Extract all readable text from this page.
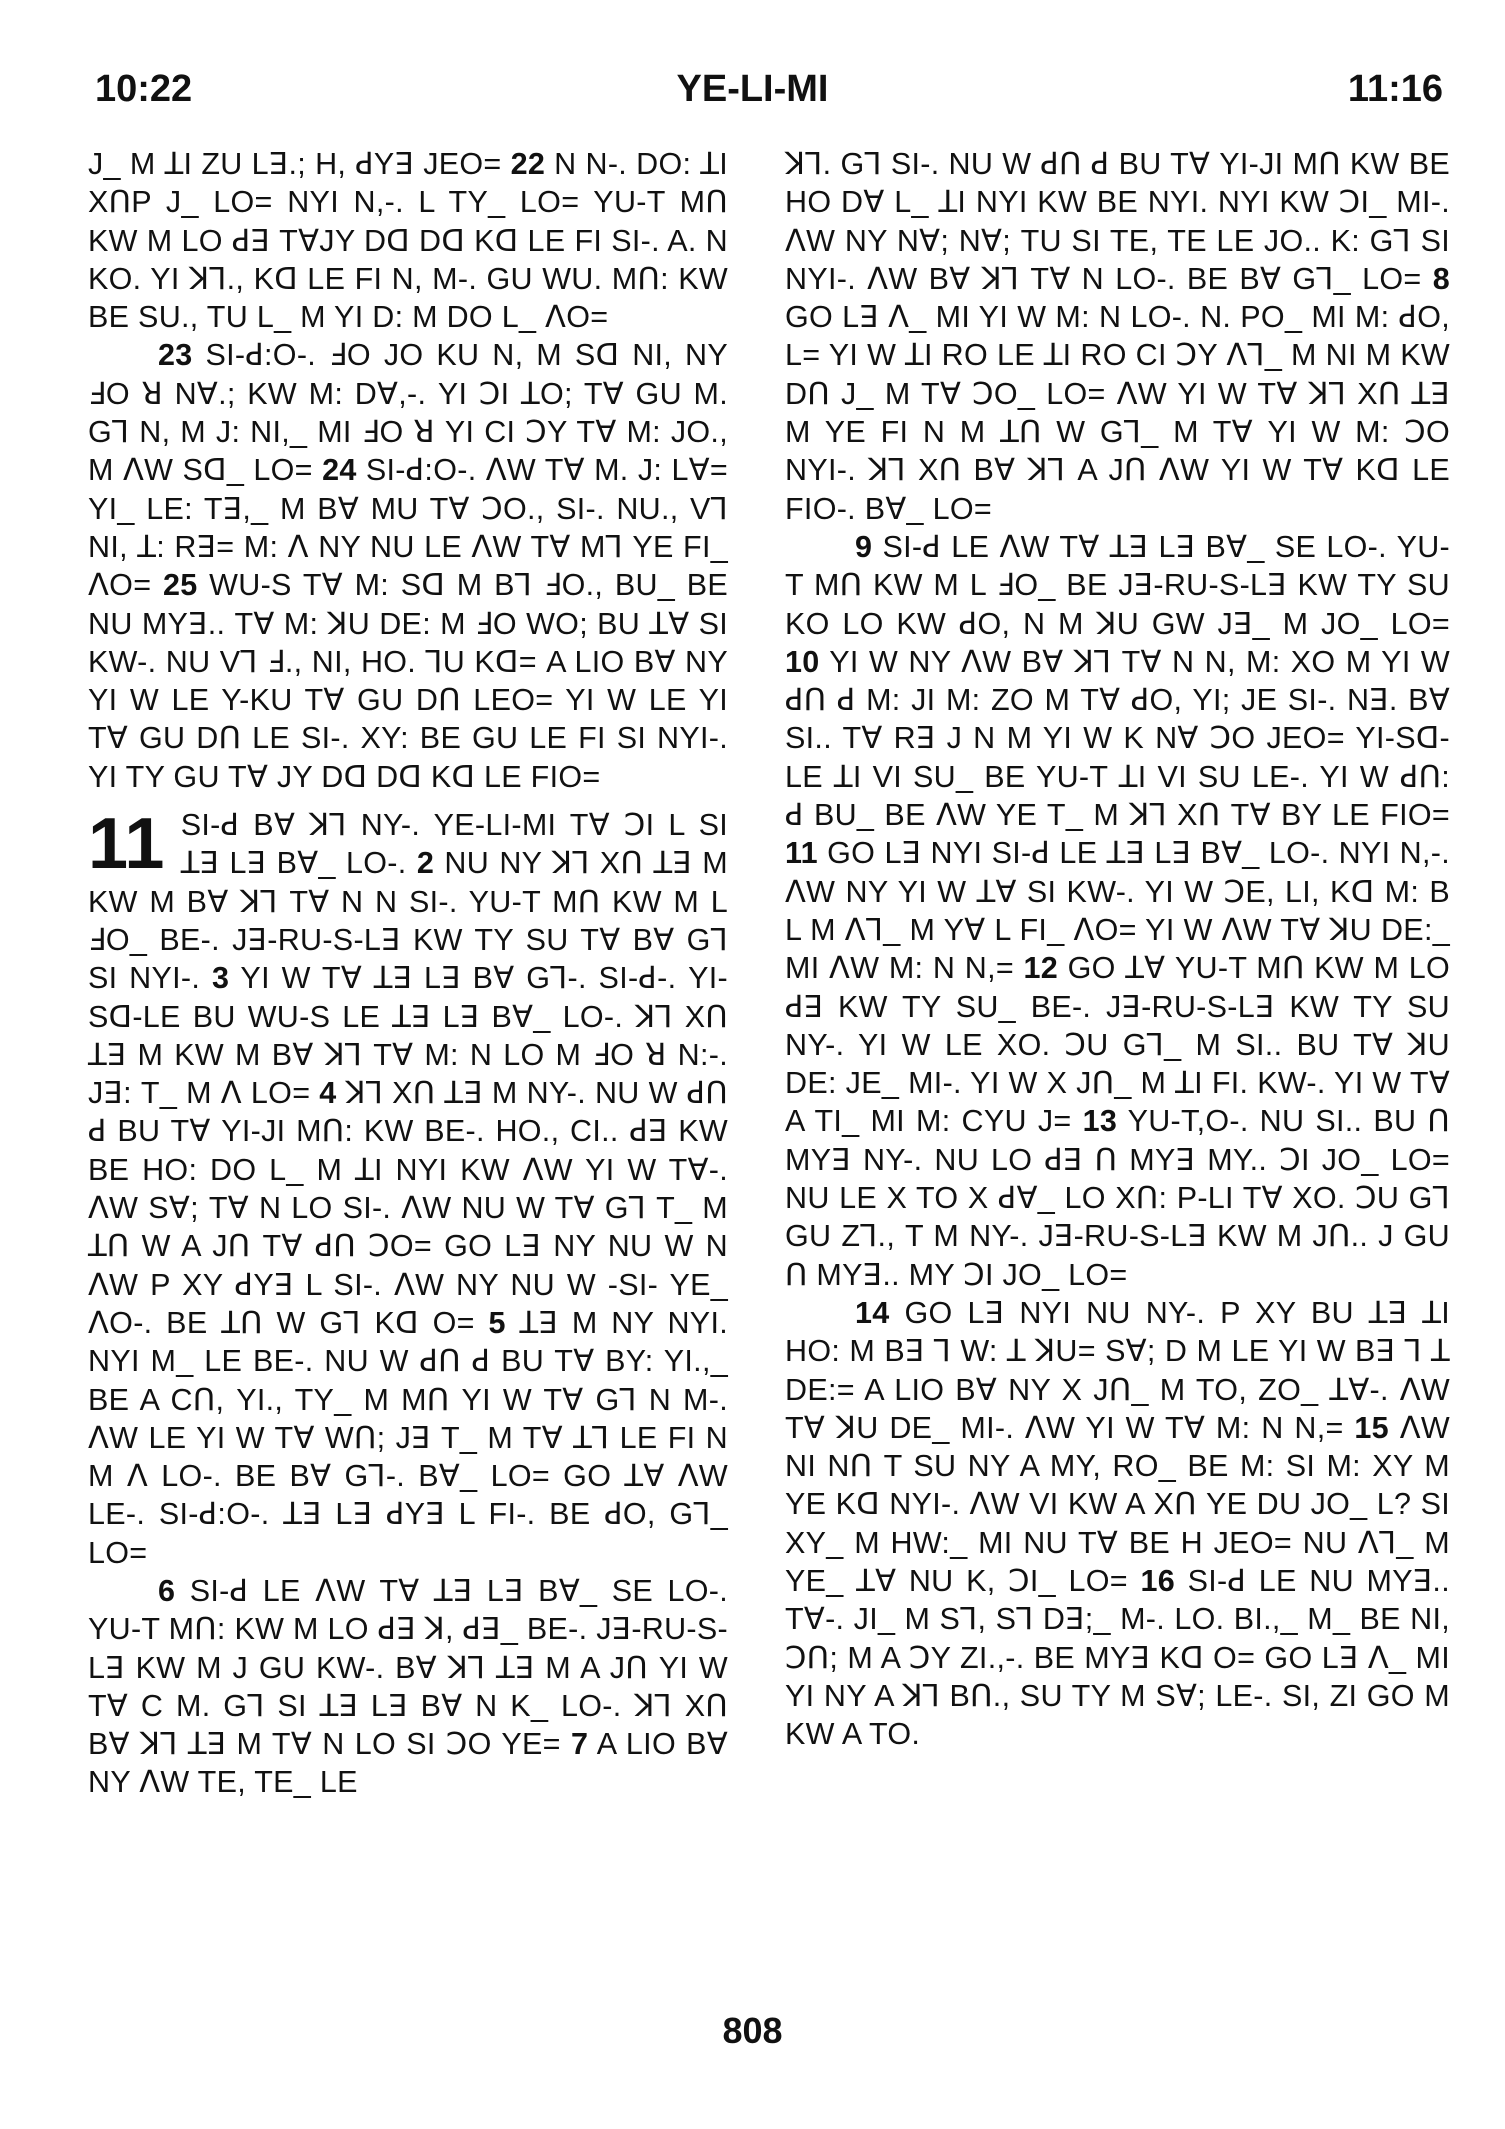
10:22	YE-LI-MI	11:16

J_ M ꓕI ZU Lꓱ.; H, ꓒYꓱ JEO= 22 N N-. DO: ꓕI XꓵP J_ LO= NYI N,-. L TY_ LO= YU-T Mꓵ KW M LO ꓒꓱ TꓯJY Dꓷ Dꓷ Kꓷ LE FI SI-. A. N KO. YI ꓘꓶ., Kꓷ LE FI N, M-. GU WU. Mꓵ: KW BE SU., TU L_ M YI D: M DO L_ ꓥO=

23 SI-ꓒ:O-. ꓞO JO KU N, M Sꓷ NI, NY ꓞO ꓤ Nꓯ.; KW M: Dꓯ,-. YI ꓛI ꓕO; Tꓯ GU M. Gꓶ N, M J: NI,_ MI ꓞO ꓤ YI CI ꓛY Tꓯ M: JO., M ꓥW Sꓷ_ LO= 24 SI-ꓒ:O-. ꓥW Tꓯ M. J: Lꓯ= YI_ LE: Tꓱ,_ M Bꓯ MU Tꓯ ꓛO., SI-. NU., Vꓶ NI, ꓕ: Rꓱ= M: ꓥ NY NU LE ꓥW Tꓯ Mꓶ YE FI_ ꓥO= 25 WU-S Tꓯ M: Sꓷ M Bꓶ ꓞO., BU_ BE NU MYꓱ.. Tꓯ M: ꓘU DE: M ꓞO WO; BU ꓕꓯ SI KW-. NU Vꓶ ꓞ., NI, HO. ꓶU Kꓷ= A LIO Bꓯ NY YI W LE Y-KU Tꓯ GU Dꓵ LEO= YI W LE YI Tꓯ GU Dꓵ LE SI-. XY: BE GU LE FI SI NYI-. YI TY GU Tꓯ JY Dꓷ Dꓷ Kꓷ LE FIO=

11 SI-ꓒ Bꓯ ꓘꓶ NY-. YE-LI-MI Tꓯ ꓛI L SI ꓕꓱ Lꓱ Bꓯ_ LO-. 2 NU NY ꓘꓶ Xꓵ ꓕꓱ M KW M Bꓯ ꓘꓶ Tꓯ N N SI-. YU-T Mꓵ KW M L ꓞO_ BE-. Jꓱ-RU-S-Lꓱ KW TY SU Tꓯ Bꓯ Gꓶ SI NYI-. 3 YI W Tꓯ ꓕꓱ Lꓱ Bꓯ Gꓶ-. SI-ꓒ-. YI-Sꓷ-LE BU WU-S LE ꓕꓱ Lꓱ Bꓯ_ LO-. ꓘꓶ Xꓵ ꓕꓱ M KW M Bꓯ ꓘꓶ Tꓯ M: N LO M ꓞO ꓤ N:-. Jꓱ: T_ M ꓥ LO= 4 ꓘꓶ Xꓵ ꓕꓱ M NY-. NU W ꓒꓵ ꓒ BU Tꓯ YI-JI Mꓵ: KW BE-. HO., CI.. ꓒꓱ KW BE HO: DO L_ M ꓕI NYI KW ꓥW YI W Tꓯ-. ꓥW Sꓯ; Tꓯ N LO SI-. ꓥW NU W Tꓯ Gꓶ T_ M ꓕꓵ W A Jꓵ Tꓯ ꓒꓵ ꓛO= GO Lꓱ NY NU W N ꓥW P XY ꓒYꓱ L SI-. ꓥW NY NU W -SI- YE_ ꓥO-. BE ꓕꓵ W Gꓶ Kꓷ O= 5 ꓕꓱ M NY NYI. NYI M_ LE BE-. NU W ꓒꓵ ꓒ BU Tꓯ BY: YI.,_ BE A Cꓵ, YI., TY_ M Mꓵ YI W Tꓯ Gꓶ N M-. ꓥW LE YI W Tꓯ Wꓵ; Jꓱ T_ M Tꓯ ꓕꓶ LE FI N M ꓥ LO-. BE Bꓯ Gꓶ-. Bꓯ_ LO= GO ꓕꓯ ꓥW LE-. SI-ꓒ:O-. ꓕꓱ Lꓱ ꓒYꓱ L FI-. BE ꓒO, Gꓶ_ LO=

6 SI-ꓒ LE ꓥW Tꓯ ꓕꓱ Lꓱ Bꓯ_ SE LO-. YU-T Mꓵ: KW M LO ꓒꓱ ꓘ, ꓒꓱ_ BE-. Jꓱ-RU-S-Lꓱ KW M J GU KW-. Bꓯ ꓘꓶ ꓕꓱ M A Jꓵ YI W Tꓯ C M. Gꓶ SI ꓕꓱ Lꓱ Bꓯ N K_ LO-. ꓘꓶ Xꓵ Bꓯ ꓘꓶ ꓕꓱ M Tꓯ N LO SI ꓛO YE= 7 A LIO Bꓯ NY ꓥW TE, TE_ LE

ꓘꓶ. Gꓶ SI-. NU W ꓒꓵ ꓒ BU Tꓯ YI-JI Mꓵ KW BE HO Dꓯ L_ ꓕI NYI KW BE NYI. NYI KW ꓛI_ MI-. ꓥW NY Nꓯ; Nꓯ; TU SI TE, TE LE JO.. K: Gꓶ SI NYI-. ꓥW Bꓯ ꓘꓶ Tꓯ N LO-. BE Bꓯ Gꓶ_ LO= 8 GO Lꓱ ꓥ_ MI YI W M: N LO-. N. PO_ MI M: ꓒO, L= YI W ꓕI RO LE ꓕI RO CI ꓛY ꓥꓶ_ M NI M KW Dꓵ J_ M Tꓯ ꓛO_ LO= ꓥW YI W Tꓯ ꓘꓶ Xꓵ ꓕꓱ M YE FI N M ꓕꓵ W Gꓶ_ M Tꓯ YI W M: ꓛO NYI-. ꓘꓶ Xꓵ Bꓯ ꓘꓶ A Jꓵ ꓥW YI W Tꓯ Kꓷ LE FIO-. Bꓯ_ LO=

9 SI-ꓒ LE ꓥW Tꓯ ꓕꓱ Lꓱ Bꓯ_ SE LO-. YU-T Mꓵ KW M L ꓞO_ BE Jꓱ-RU-S-Lꓱ KW TY SU KO LO KW ꓒO, N M ꓘU GW Jꓱ_ M JO_ LO= 10 YI W NY ꓥW Bꓯ ꓘꓶ Tꓯ N N, M: XO M YI W ꓒꓵ ꓒ M: JI M: ZO M Tꓯ ꓒO, YI; JE SI-. Nꓱ. Bꓯ SI.. Tꓯ Rꓱ J N M YI W K Nꓯ ꓛO JEO= YI-Sꓷ-LE ꓕI VI SU_ BE YU-T ꓕI VI SU LE-. YI W ꓒꓵ: ꓒ BU_ BE ꓥW YE T_ M ꓘꓶ Xꓵ Tꓯ BY LE FIO= 11 GO Lꓱ NYI SI-ꓒ LE ꓕꓱ Lꓱ Bꓯ_ LO-. NYI N,-. ꓥW NY YI W ꓕꓯ SI KW-. YI W ꓛE, LI, Kꓷ M: B L M ꓥꓶ_ M Yꓯ L FI_ ꓥO= YI W ꓥW Tꓯ ꓘU DE:_ MI ꓥW M: N N,= 12 GO ꓕꓯ YU-T Mꓵ KW M LO ꓒꓱ KW TY SU_ BE-. Jꓱ-RU-S-Lꓱ KW TY SU NY-. YI W LE XO. ꓛU Gꓶ_ M SI.. BU Tꓯ ꓘU DE: JE_ MI-. YI W X Jꓵ_ M ꓕI FI. KW-. YI W Tꓯ A TI_ MI M: CYU J= 13 YU-T,O-. NU SI.. BU ꓵ MYꓱ NY-. NU LO ꓒꓱ ꓵ MYꓱ MY.. ꓛI JO_ LO= NU LE X TO X ꓒꓯ_ LO Xꓵ: P-LI Tꓯ XO. ꓛU Gꓶ GU Zꓶ., T M NY-. Jꓱ-RU-S-Lꓱ KW M Jꓵ.. J GU ꓵ MYꓱ.. MY ꓛI JO_ LO=

14 GO Lꓱ NYI NU NY-. P XY BU ꓕꓱ ꓕI HO: M Bꓱ ꓶ W: ꓕ ꓘU= Sꓯ; D M LE YI W Bꓱ ꓶ ꓕ DE:= A LIO Bꓯ NY X Jꓵ_ M TO, ZO_ ꓕꓯ-. ꓥW Tꓯ ꓘU DE_ MI-. ꓥW YI W Tꓯ M: N N,= 15 ꓥW NI Nꓵ T SU NY A MY, RO_ BE M: SI M: XY M YE Kꓷ NYI-. ꓥW VI KW A Xꓵ YE DU JO_ L? SI XY_ M HW:_ MI NU Tꓯ BE H JEO= NU ꓥꓶ_ M YE_ ꓕꓯ NU K, ꓛI_ LO= 16 SI-ꓒ LE NU MYꓱ.. Tꓯ-. JI_ M Sꓶ, Sꓶ Dꓱ;_ M-. LO. BI.,_ M_ BE NI, ꓛꓵ; M A ꓛY ZI.,-. BE MYꓱ Kꓷ O= GO Lꓱ ꓥ_ MI YI NY A ꓘꓶ Bꓵ., SU TY M Sꓯ; LE-. SI, ZI GO M KW A TO.

808
